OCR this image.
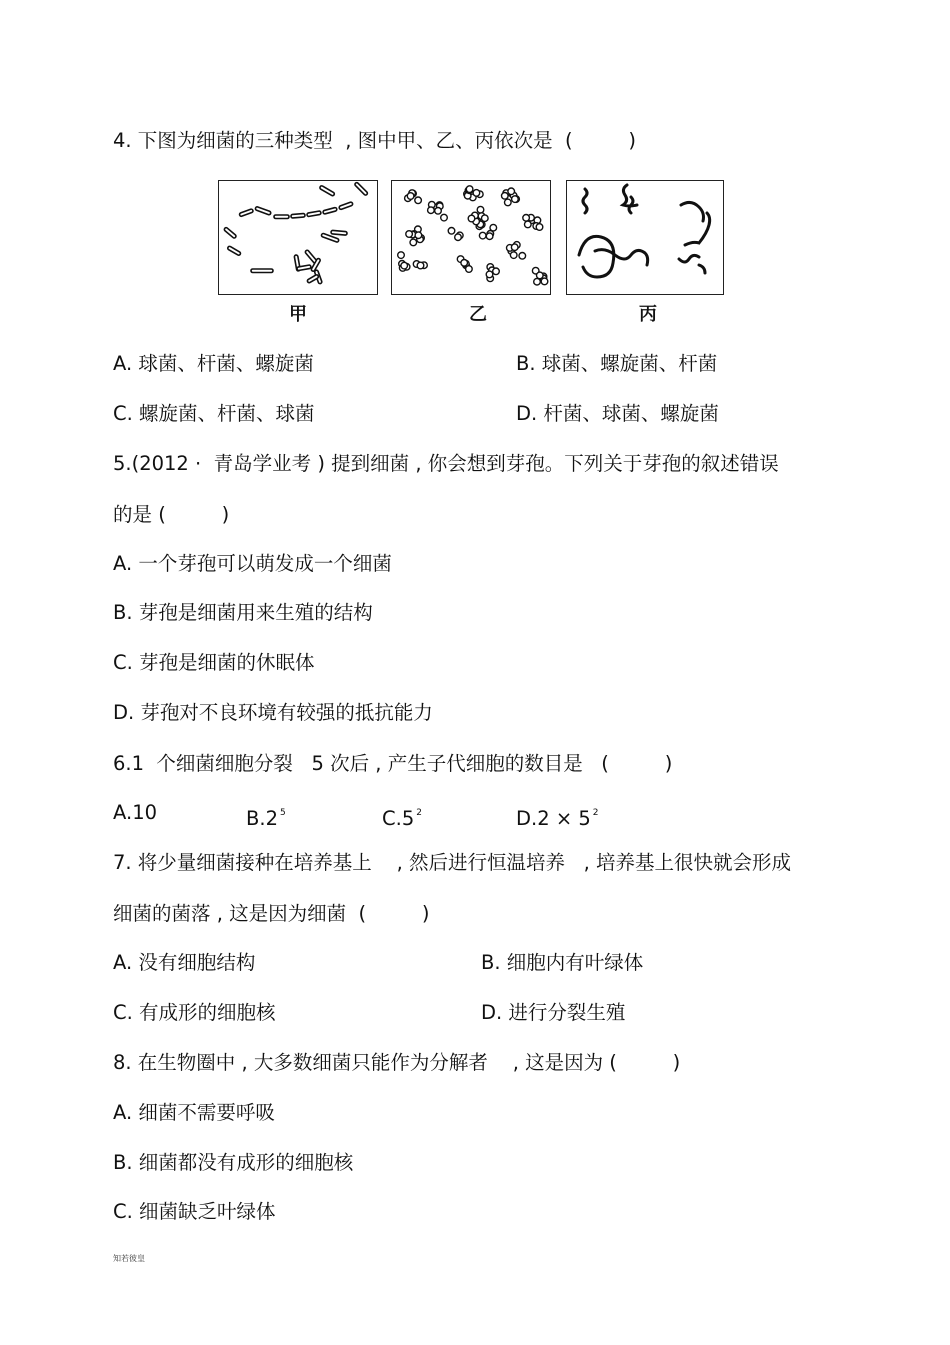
4. 下图为细菌的三种类型  , 图中甲、乙、丙依次是  (         )
甲	乙	丙
A. 球菌、杆菌、螺旋菌	B. 球菌、螺旋菌、杆菌
C. 螺旋菌、杆菌、球菌	D. 杆菌、球菌、螺旋菌
5.(2012 ·  青岛学业考 ) 提到细菌 , 你会想到芽孢。下列关于芽孢的叙述错误
的是 (         )
A. 一个芽孢可以萌发成一个细菌
B. 芽孢是细菌用来生殖的结构
C. 芽孢是细菌的休眠体
D. 芽孢对不良环境有较强的抵抗能力
6.1  个细菌细胞分裂   5 次后 , 产生子代细胞的数目是   (         )
A.10	B.2 $^5$	C.5 $^2$	D.2 × 5 $^2$
7. 将少量细菌接种在培养基上    , 然后进行恒温培养   , 培养基上很快就会形成
细菌的菌落 , 这是因为细菌  (         )
A. 没有细胞结构	B. 细胞内有叶绿体
C. 有成形的细胞核	D. 进行分裂生殖
8. 在生物圈中 , 大多数细菌只能作为分解者    , 这是因为 (         )
A. 细菌不需要呼吸
B. 细菌都没有成形的细胞核
C. 细菌缺乏叶绿体
知若彼皇
